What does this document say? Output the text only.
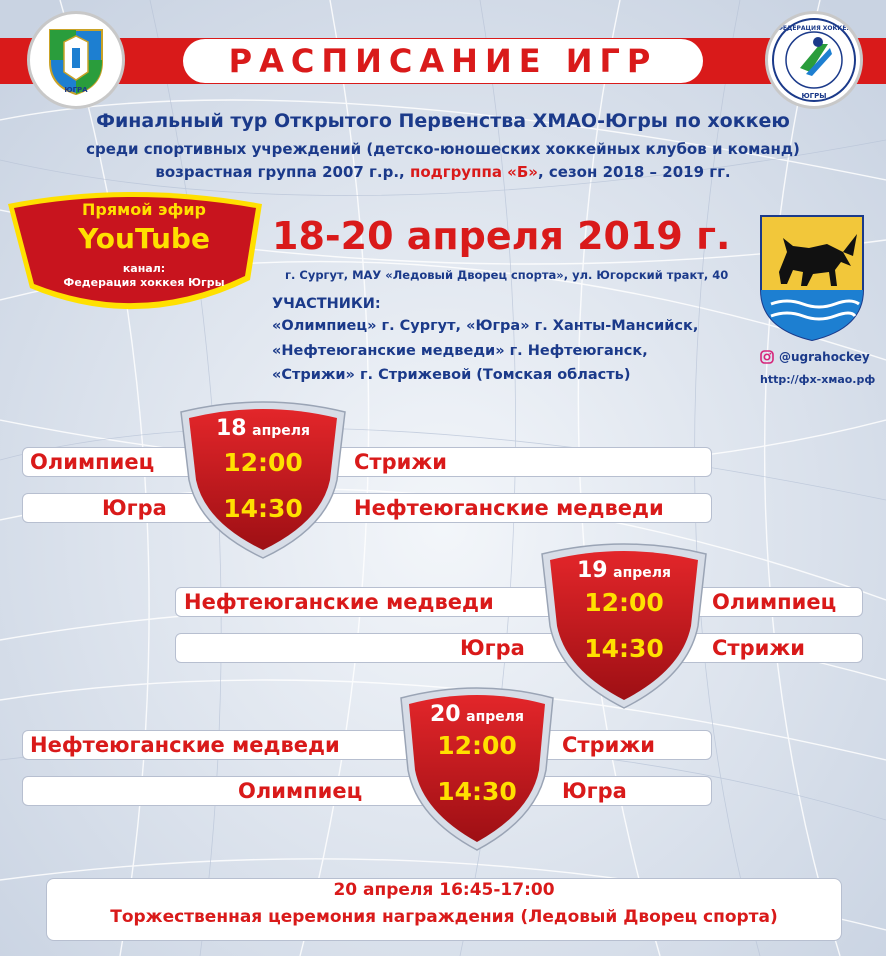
РАСПИСАНИЕ ИГР
ЮГРА
ФЕДЕРАЦИЯ ХОККЕЯ
ЮГРЫ
Финальный тур Открытого Первенства ХМАО-Югры по хоккею
среди спортивных учреждений (детско-юношеских хоккейных клубов и команд)
возрастная группа 2007 г.р., подгруппа «Б», сезон 2018 – 2019 гг.
Прямой эфир
YouTube
канал:
Федерация хоккея Югры
18-20 апреля 2019 г.
г. Сургут, МАУ «Ледовый Дворец спорта», ул. Югорский тракт, 40
УЧАСТНИКИ:
«Олимпиец» г. Сургут, «Югра» г. Ханты-Мансийск,
«Нефтеюганские медведи» г. Нефтеюганск,
«Стрижи» г. Стрижевой (Томская область)
@ugrahockey
http://фх-хмао.рф
18 апреля
Олимпиец	12:00	Стрижи
Югра	14:30	Нефтеюганские медведи
19 апреля
Нефтеюганские медведи	12:00	Олимпиец
Югра	14:30	Стрижи
20 апреля
Нефтеюганские медведи	12:00	Стрижи
Олимпиец	14:30	Югра
20 апреля 16:45-17:00
Торжественная церемония награждения (Ледовый Дворец спорта)
